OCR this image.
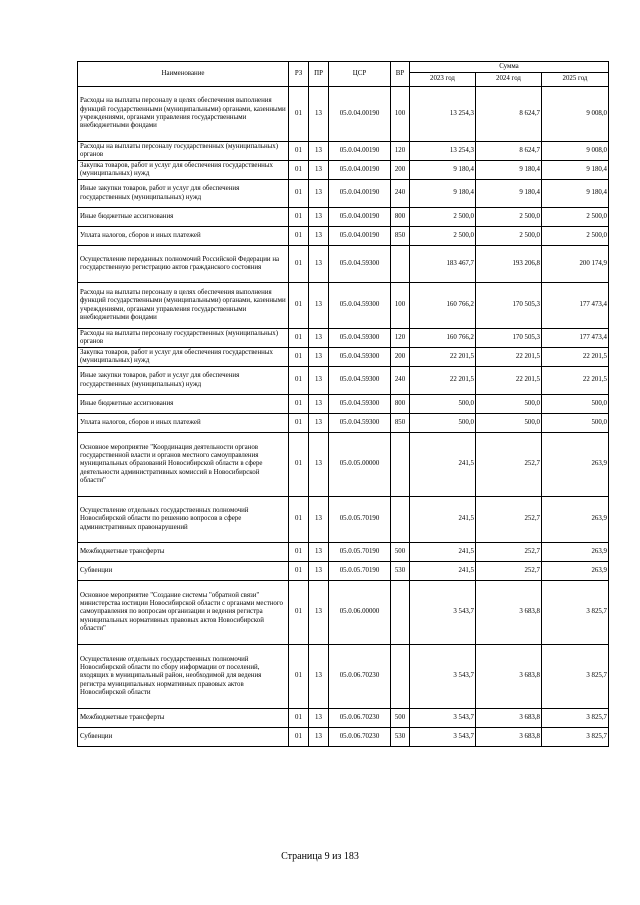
Наименование	РЗ	ПР	ЦСР	ВР	Сумма		
					2023 год	2024 год	2025 год
Расходы на выплаты персоналу в целях обеспечения выполнения функций государственными (муниципальными) органами, казенными учреждениями, органами управления государственными внебюджетными фондами	01	13	05.0.04.00190	100	13 254,3	8 624,7	9 008,0
Расходы на выплаты персоналу государственных (муниципальных) органов	01	13	05.0.04.00190	120	13 254,3	8 624,7	9 008,0
Закупка товаров, работ и услуг для обеспечения государственных (муниципальных) нужд	01	13	05.0.04.00190	200	9 180,4	9 180,4	9 180,4
Иные закупки товаров, работ и услуг для обеспечения государственных (муниципальных) нужд	01	13	05.0.04.00190	240	9 180,4	9 180,4	9 180,4
Иные бюджетные ассигнования	01	13	05.0.04.00190	800	2 500,0	2 500,0	2 500,0
Уплата налогов, сборов и иных платежей	01	13	05.0.04.00190	850	2 500,0	2 500,0	2 500,0
Осуществление переданных полномочий Российской Федерации на государственную регистрацию актов гражданского состояния	01	13	05.0.04.59300		183 467,7	193 206,8	200 174,9
Расходы на выплаты персоналу в целях обеспечения выполнения функций государственными (муниципальными) органами, казенными учреждениями, органами управления государственными внебюджетными фондами	01	13	05.0.04.59300	100	160 766,2	170 505,3	177 473,4
Расходы на выплаты персоналу государственных (муниципальных) органов	01	13	05.0.04.59300	120	160 766,2	170 505,3	177 473,4
Закупка товаров, работ и услуг для обеспечения государственных (муниципальных) нужд	01	13	05.0.04.59300	200	22 201,5	22 201,5	22 201,5
Иные закупки товаров, работ и услуг для обеспечения государственных (муниципальных) нужд	01	13	05.0.04.59300	240	22 201,5	22 201,5	22 201,5
Иные бюджетные ассигнования	01	13	05.0.04.59300	800	500,0	500,0	500,0
Уплата налогов, сборов и иных платежей	01	13	05.0.04.59300	850	500,0	500,0	500,0
Основное мероприятие "Координация деятельности органов государственной власти и органов местного самоуправления муниципальных образований Новосибирской области в сфере деятельности административных комиссий в Новосибирской области"	01	13	05.0.05.00000		241,5	252,7	263,9
Осуществление отдельных государственных полномочий Новосибирской области по решению вопросов в сфере административных правонарушений	01	13	05.0.05.70190		241,5	252,7	263,9
Межбюджетные трансферты	01	13	05.0.05.70190	500	241,5	252,7	263,9
Субвенции	01	13	05.0.05.70190	530	241,5	252,7	263,9
Основное мероприятие "Создание системы "обратной связи" министерства юстиции Новосибирской области с органами местного самоуправления по вопросам организации и ведения регистра муниципальных нормативных правовых актов Новосибирской области"	01	13	05.0.06.00000		3 543,7	3 683,8	3 825,7
Осуществление отдельных государственных полномочий Новосибирской области по сбору информации от поселений, входящих в муниципальный район, необходимой для ведения регистра муниципальных нормативных правовых актов Новосибирской области	01	13	05.0.06.70230		3 543,7	3 683,8	3 825,7
Межбюджетные трансферты	01	13	05.0.06.70230	500	3 543,7	3 683,8	3 825,7
Субвенции	01	13	05.0.06.70230	530	3 543,7	3 683,8	3 825,7
Страница 9 из 183
